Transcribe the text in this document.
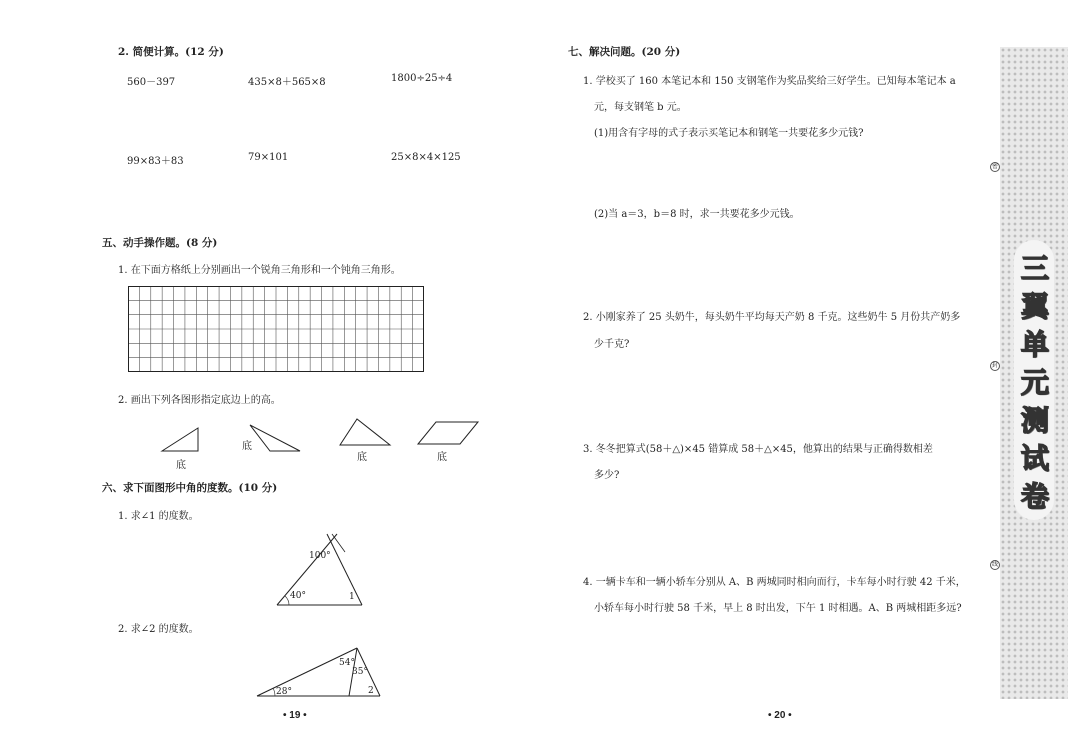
2. 简便计算。(12 分)
560－397	435×8＋565×8	1800÷25÷4
99×83＋83	79×101	25×8×4×125
五、动手操作题。(8 分)
1. 在下面方格纸上分别画出一个锐角三角形和一个钝角三角形。
2. 画出下列各图形指定底边上的高。
底
底
底	底
六、求下面图形中角的度数。(10 分)
1. 求∠1 的度数。
100°
40°	1
2. 求∠2 的度数。
54°
35°
28°	2
• 19 •
七、解决问题。(20 分)
1. 学校买了 160 本笔记本和 150 支钢笔作为奖品奖给三好学生。已知每本笔记本 a
元，每支钢笔 b 元。
(1)用含有字母的式子表示买笔记本和钢笔一共要花多少元钱?
(2)当 a＝3，b＝8 时，求一共要花多少元钱。
2. 小刚家养了 25 头奶牛，每头奶牛平均每天产奶 8 千克。这些奶牛 5 月份共产奶多
少千克?
3. 冬冬把算式(58＋△)×45 错算成 58＋△×45，他算出的结果与正确得数相差
多少?
4. 一辆卡车和一辆小轿车分别从 A、B 两城同时相向而行，卡车每小时行驶 42 千米，
小轿车每小时行驶 58 千米，早上 8 时出发，下午 1 时相遇。A、B 两城相距多远?
• 20 •
三
翼
单
元
测
试
卷
密
封
线
